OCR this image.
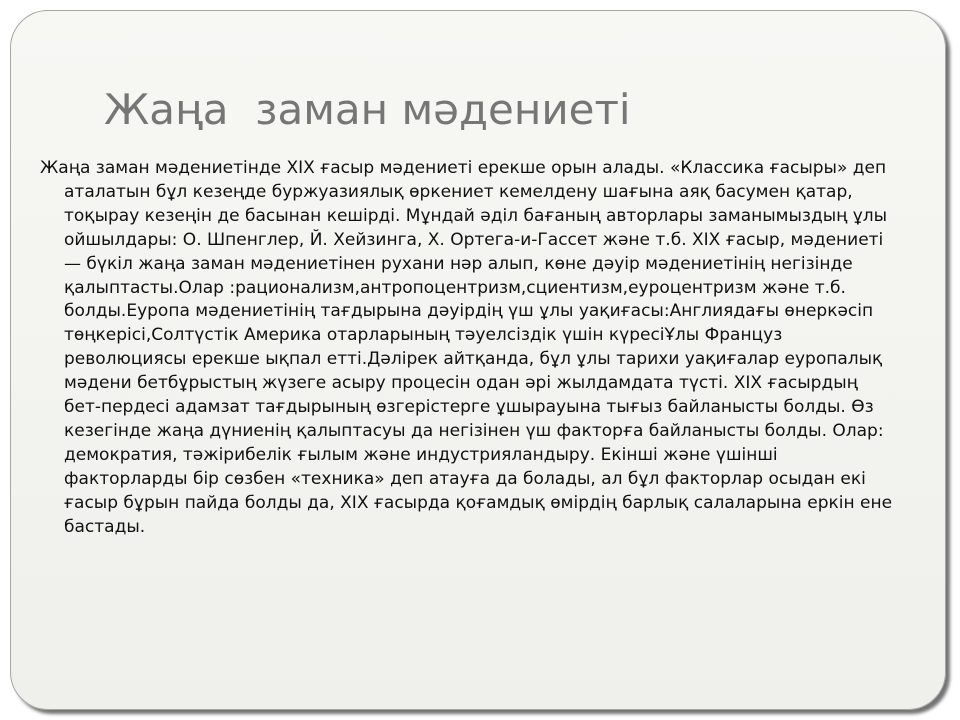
Жаңа  заман мәдениеті

Жаңа заман мәдениетінде XIX ғасыр мәдениеті ерекше орын алады. «Классика ғасыры» деп аталатын бұл кезеңде буржуазиялық өркениет кемелдену шағына аяқ басумен қатар, тоқырау кезеңін де басынан кешірді. Мұндай әділ бағаның авторлары заманымыздың ұлы ойшылдары: О. Шпенглер, Й. Хейзинга, Х. Ортега-и-Гассет және т.б. XIX ғасыр, мәдениеті — бүкіл жаңа заман мәдениетінен рухани нәр алып, көне дәуір мәдениетінің негізінде қалыптасты.Олар :рационализм,антропоцентризм,сциентизм,еуроцентризм және т.б. болды.Еуропа мәдениетінің тағдырына дәуірдің үш ұлы уақиғасы:Англиядағы өнеркәсіп төңкерісі,Солтүстік Америка отарларының тәуелсіздік үшін күресіҰлы Француз революциясы ерекше ықпал етті.Дәлірек айтқанда, бұл ұлы тарихи уақиғалар еуропалық мәдени бетбұрыстың жүзеге асыру процесін одан әрі жылдамдата түсті. XIX ғасырдың бет-пердесі адамзат тағдырының өзгерістерге ұшырауына тығыз байланысты болды. Өз кезегінде жаңа дүниенің қалыптасуы да негізінен үш факторға байланысты болды. Олар: демократия, тәжірибелік ғылым және индустрияландыру. Екінші және үшінші факторларды бір сөзбен «техника» деп атауға да болады, ал бұл факторлар осыдан екі ғасыр бұрын пайда болды да, XIX ғасырда қоғамдық өмірдің барлық салаларына еркін ене бастады.
